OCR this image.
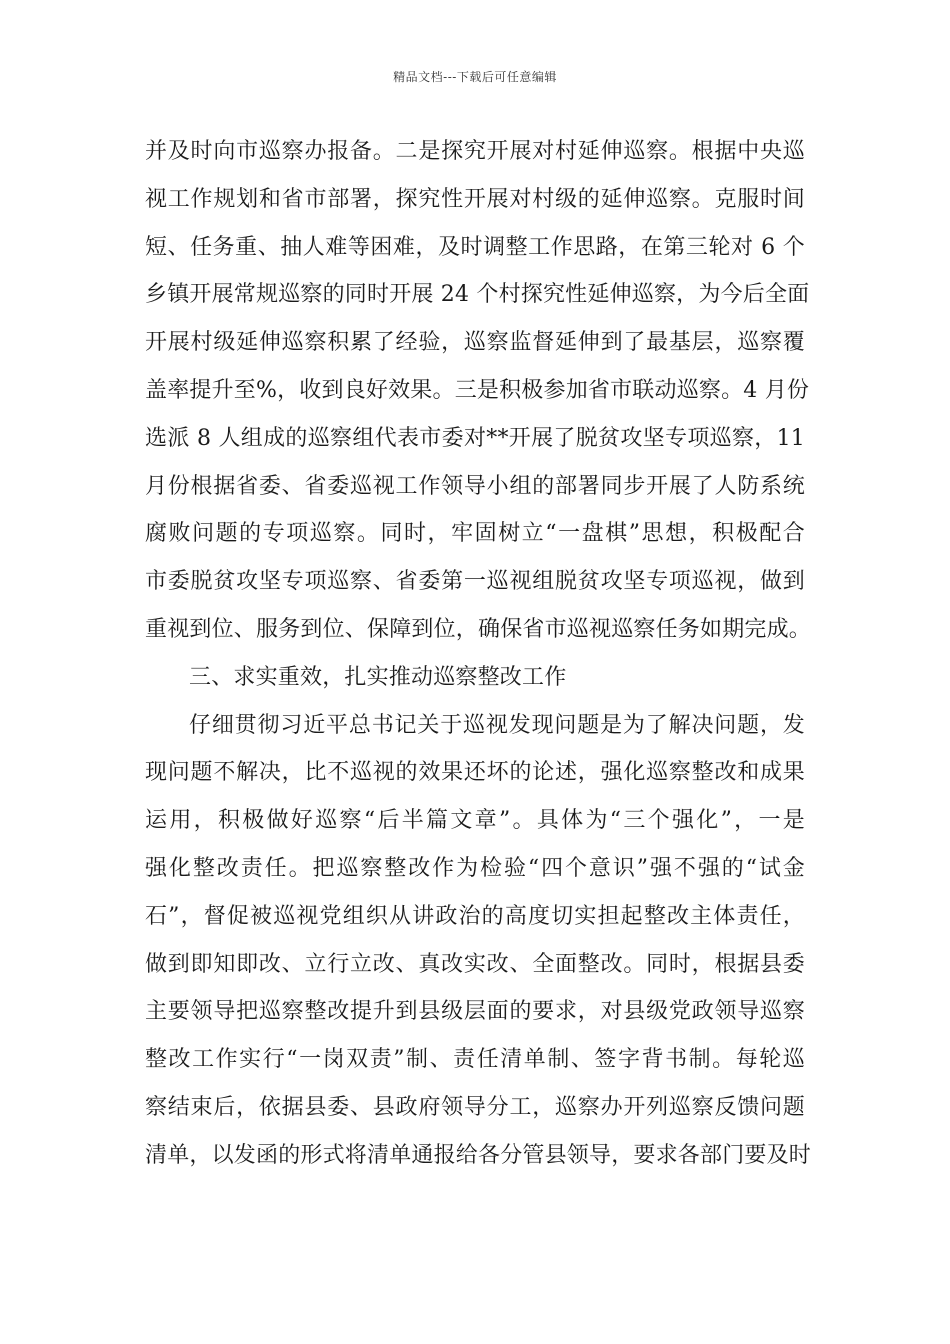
精品文档---下载后可任意编辑
并及时向市巡察办报备。二是探究开展对村延伸巡察。根据中央巡
视工作规划和省市部署，探究性开展对村级的延伸巡察。克服时间
短、任务重、抽人难等困难，及时调整工作思路，在第三轮对 6 个
乡镇开展常规巡察的同时开展 24 个村探究性延伸巡察，为今后全面
开展村级延伸巡察积累了经验，巡察监督延伸到了最基层，巡察覆
盖率提升至%，收到良好效果。三是积极参加省市联动巡察。4 月份
选派 8 人组成的巡察组代表市委对**开展了脱贫攻坚专项巡察，11
月份根据省委、省委巡视工作领导小组的部署同步开展了人防系统
腐败问题的专项巡察。同时，牢固树立“一盘棋”思想，积极配合
市委脱贫攻坚专项巡察、省委第一巡视组脱贫攻坚专项巡视，做到
重视到位、服务到位、保障到位，确保省市巡视巡察任务如期完成。
三、求实重效，扎实推动巡察整改工作
仔细贯彻习近平总书记关于巡视发现问题是为了解决问题，发
现问题不解决，比不巡视的效果还坏的论述，强化巡察整改和成果
运用，积极做好巡察“后半篇文章”。具体为“三个强化”，一是
强化整改责任。把巡察整改作为检验“四个意识”强不强的“试金
石”，督促被巡视党组织从讲政治的高度切实担起整改主体责任，
做到即知即改、立行立改、真改实改、全面整改。同时，根据县委
主要领导把巡察整改提升到县级层面的要求，对县级党政领导巡察
整改工作实行“一岗双责”制、责任清单制、签字背书制。每轮巡
察结束后，依据县委、县政府领导分工，巡察办开列巡察反馈问题
清单，以发函的形式将清单通报给各分管县领导，要求各部门要及时
